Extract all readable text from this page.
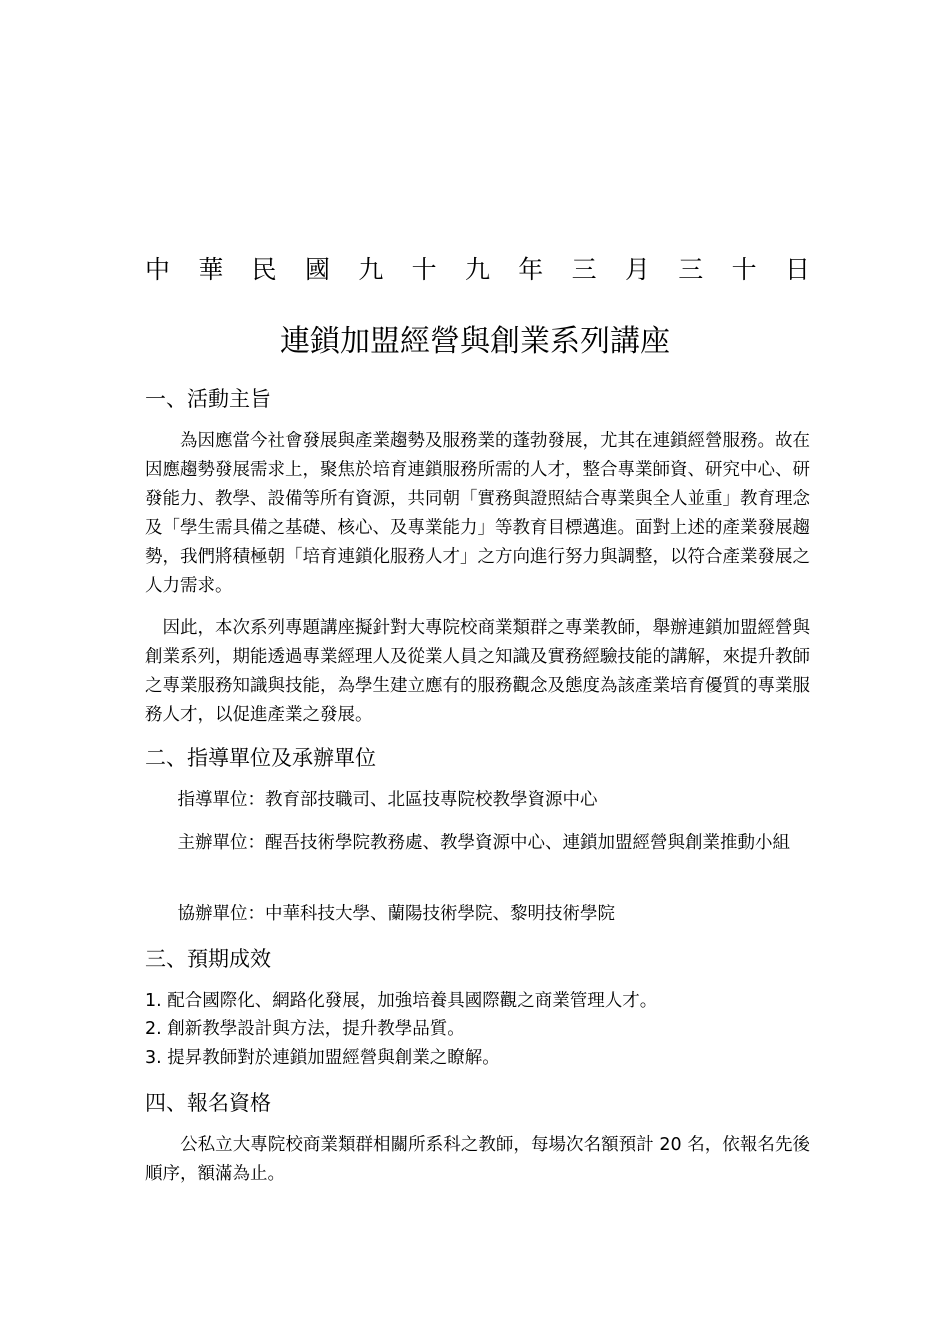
中 華 民 國 九 十 九 年 三 月 三 十 日
連鎖加盟經營與創業系列講座
一、活動主旨
　　為因應當今社會發展與產業趨勢及服務業的蓬勃發展，尤其在連鎖經營服務。故在因應趨勢發展需求上，聚焦於培育連鎖服務所需的人才，整合專業師資、研究中心、研發能力、教學、設備等所有資源，共同朝「實務與證照結合專業與全人並重」教育理念及「學生需具備之基礎、核心、及專業能力」等教育目標邁進。面對上述的產業發展趨勢，我們將積極朝「培育連鎖化服務人才」之方向進行努力與調整，以符合產業發展之人力需求。
　因此，本次系列專題講座擬針對大專院校商業類群之專業教師，舉辦連鎖加盟經營與創業系列，期能透過專業經理人及從業人員之知識及實務經驗技能的講解，來提升教師之專業服務知識與技能，為學生建立應有的服務觀念及態度為該產業培育優質的專業服務人才，以促進產業之發展。
二、指導單位及承辦單位
指導單位： 教育部技職司、北區技專院校教學資源中心
主辦單位： 醒吾技術學院教務處、教學資源中心、連鎖加盟經營與創業推動小組
協辦單位： 中華科技大學、蘭陽技術學院、黎明技術學院
三、預期成效
1. 配合國際化、網路化發展，加強培養具國際觀之商業管理人才。
2. 創新教學設計與方法，提升教學品質。
3. 提昇教師對於連鎖加盟經營與創業之瞭解。
四、報名資格
　　公私立大專院校商業類群相關所系科之教師，每場次名額預計 20 名，依報名先後順序，額滿為止。
